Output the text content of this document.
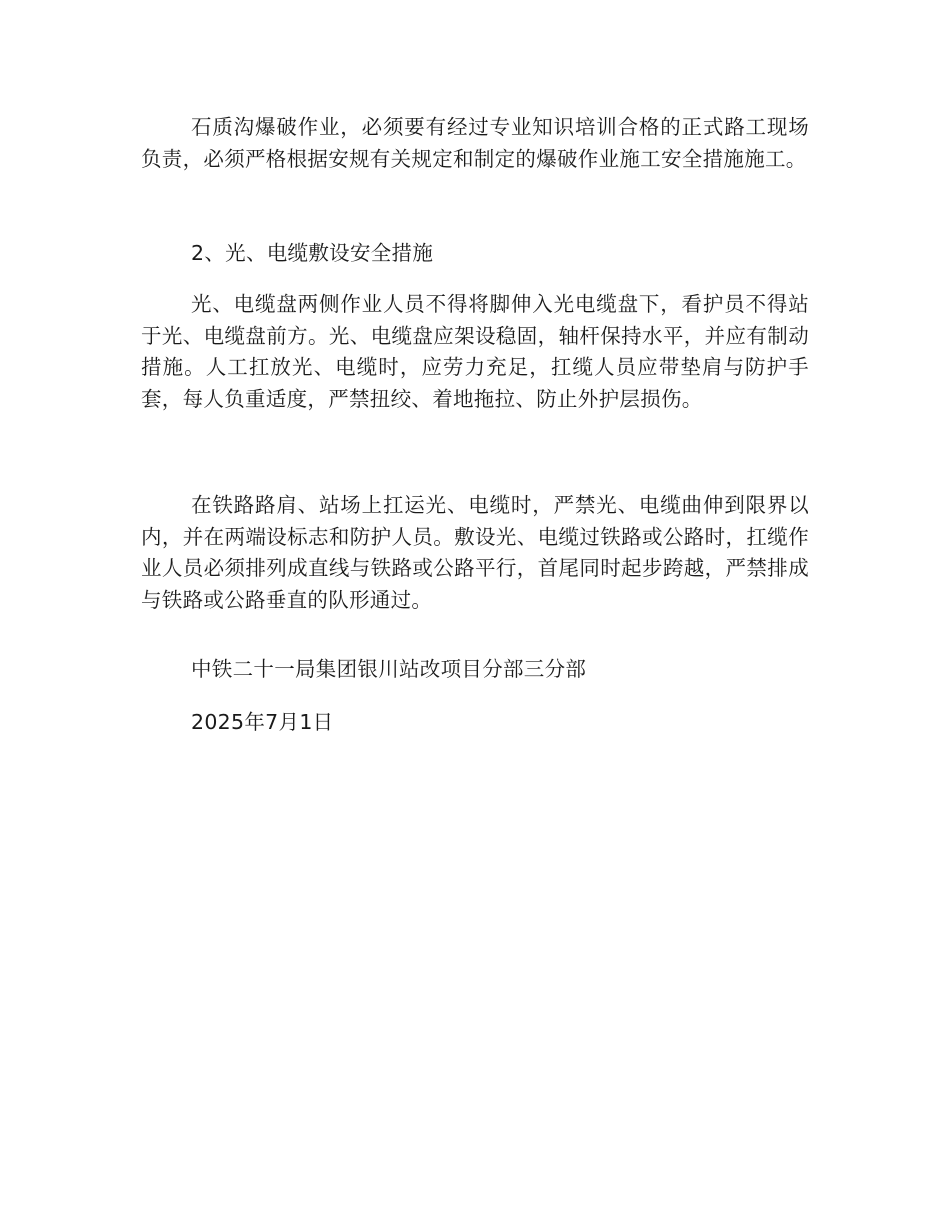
石质沟爆破作业，必须要有经过专业知识培训合格的正式路工现场负责，必须严格根据安规有关规定和制定的爆破作业施工安全措施施工。

2、光、电缆敷设安全措施

光、电缆盘两侧作业人员不得将脚伸入光电缆盘下，看护员不得站于光、电缆盘前方。光、电缆盘应架设稳固，轴杆保持水平，并应有制动措施。人工扛放光、电缆时，应劳力充足，扛缆人员应带垫肩与防护手套，每人负重适度，严禁扭绞、着地拖拉、防止外护层损伤。

在铁路路肩、站场上扛运光、电缆时，严禁光、电缆曲伸到限界以内，并在两端设标志和防护人员。敷设光、电缆过铁路或公路时，扛缆作业人员必须排列成直线与铁路或公路平行，首尾同时起步跨越，严禁排成与铁路或公路垂直的队形通过。

中铁二十一局集团银川站改项目分部三分部

2025年7月1日
